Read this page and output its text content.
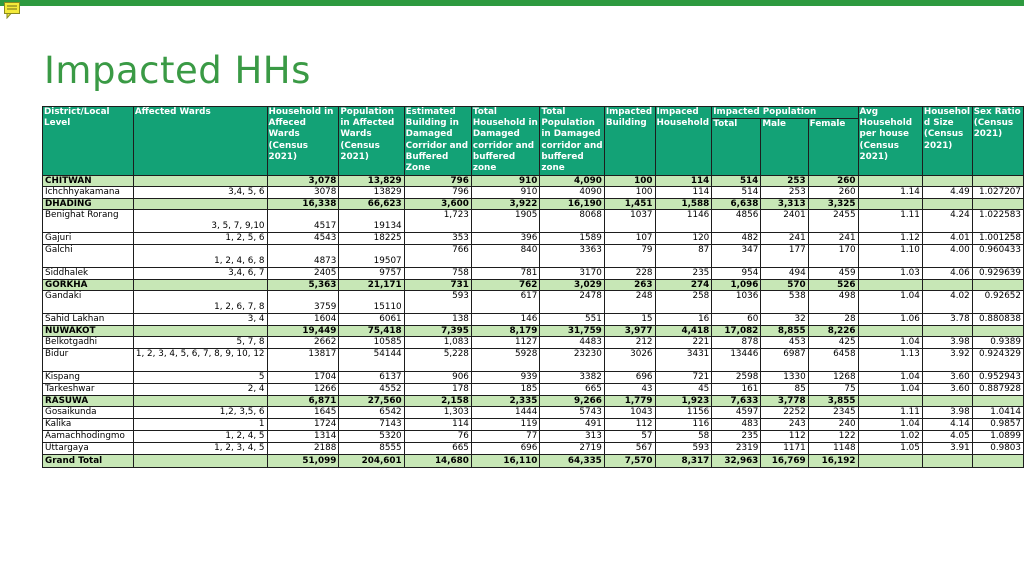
Impacted HHs
District/Local Level	Affected Wards	Household in Affeced Wards (Census 2021)	Population in Affected Wards (Census 2021)	Estimated Building in Damaged Corridor and Buffered Zone	Total Household in Damaged corridor and buffered zone	Total Population in Damaged corridor and buffered zone	Impacted Building	Impaced Household	Impacted Population			Avg Household per house (Census 2021)	Househol d Size (Census 2021)	Sex Ratio (Census 2021)
									Total	Male	Female			
CHITWAN		3,078	13,829	796	910	4,090	100	114	514	253	260			
Ichchhyakamana	3,4, 5, 6	3078	13829	796	910	4090	100	114	514	253	260	1.14	4.49	1.027207
DHADING		16,338	66,623	3,600	3,922	16,190	1,451	1,588	6,638	3,313	3,325			
Benighat Rorang	3, 5, 7, 9,10	4517	19134	1,723	1905	8068	1037	1146	4856	2401	2455	1.11	4.24	1.022583
Gajuri	1, 2, 5, 6	4543	18225	353	396	1589	107	120	482	241	241	1.12	4.01	1.001258
Galchi	1, 2, 4, 6, 8	4873	19507	766	840	3363	79	87	347	177	170	1.10	4.00	0.960433
Siddhalek	3,4, 6, 7	2405	9757	758	781	3170	228	235	954	494	459	1.03	4.06	0.929639
GORKHA		5,363	21,171	731	762	3,029	263	274	1,096	570	526			
Gandaki	1, 2, 6, 7, 8	3759	15110	593	617	2478	248	258	1036	538	498	1.04	4.02	0.92652
Sahid Lakhan	3, 4	1604	6061	138	146	551	15	16	60	32	28	1.06	3.78	0.880838
NUWAKOT		19,449	75,418	7,395	8,179	31,759	3,977	4,418	17,082	8,855	8,226			
Belkotgadhi	5, 7, 8	2662	10585	1,083	1127	4483	212	221	878	453	425	1.04	3.98	0.9389
Bidur	1, 2, 3, 4, 5, 6, 7, 8, 9, 10, 12	13817	54144	5,228	5928	23230	3026	3431	13446	6987	6458	1.13	3.92	0.924329
Kispang	5	1704	6137	906	939	3382	696	721	2598	1330	1268	1.04	3.60	0.952943
Tarkeshwar	2, 4	1266	4552	178	185	665	43	45	161	85	75	1.04	3.60	0.887928
RASUWA		6,871	27,560	2,158	2,335	9,266	1,779	1,923	7,633	3,778	3,855			
Gosaikunda	1,2, 3,5, 6	1645	6542	1,303	1444	5743	1043	1156	4597	2252	2345	1.11	3.98	1.0414
Kalika	1	1724	7143	114	119	491	112	116	483	243	240	1.04	4.14	0.9857
Aamachhodingmo	1, 2, 4, 5	1314	5320	76	77	313	57	58	235	112	122	1.02	4.05	1.0899
Uttargaya	1, 2, 3, 4, 5	2188	8555	665	696	2719	567	593	2319	1171	1148	1.05	3.91	0.9803
Grand Total		51,099	204,601	14,680	16,110	64,335	7,570	8,317	32,963	16,769	16,192			
